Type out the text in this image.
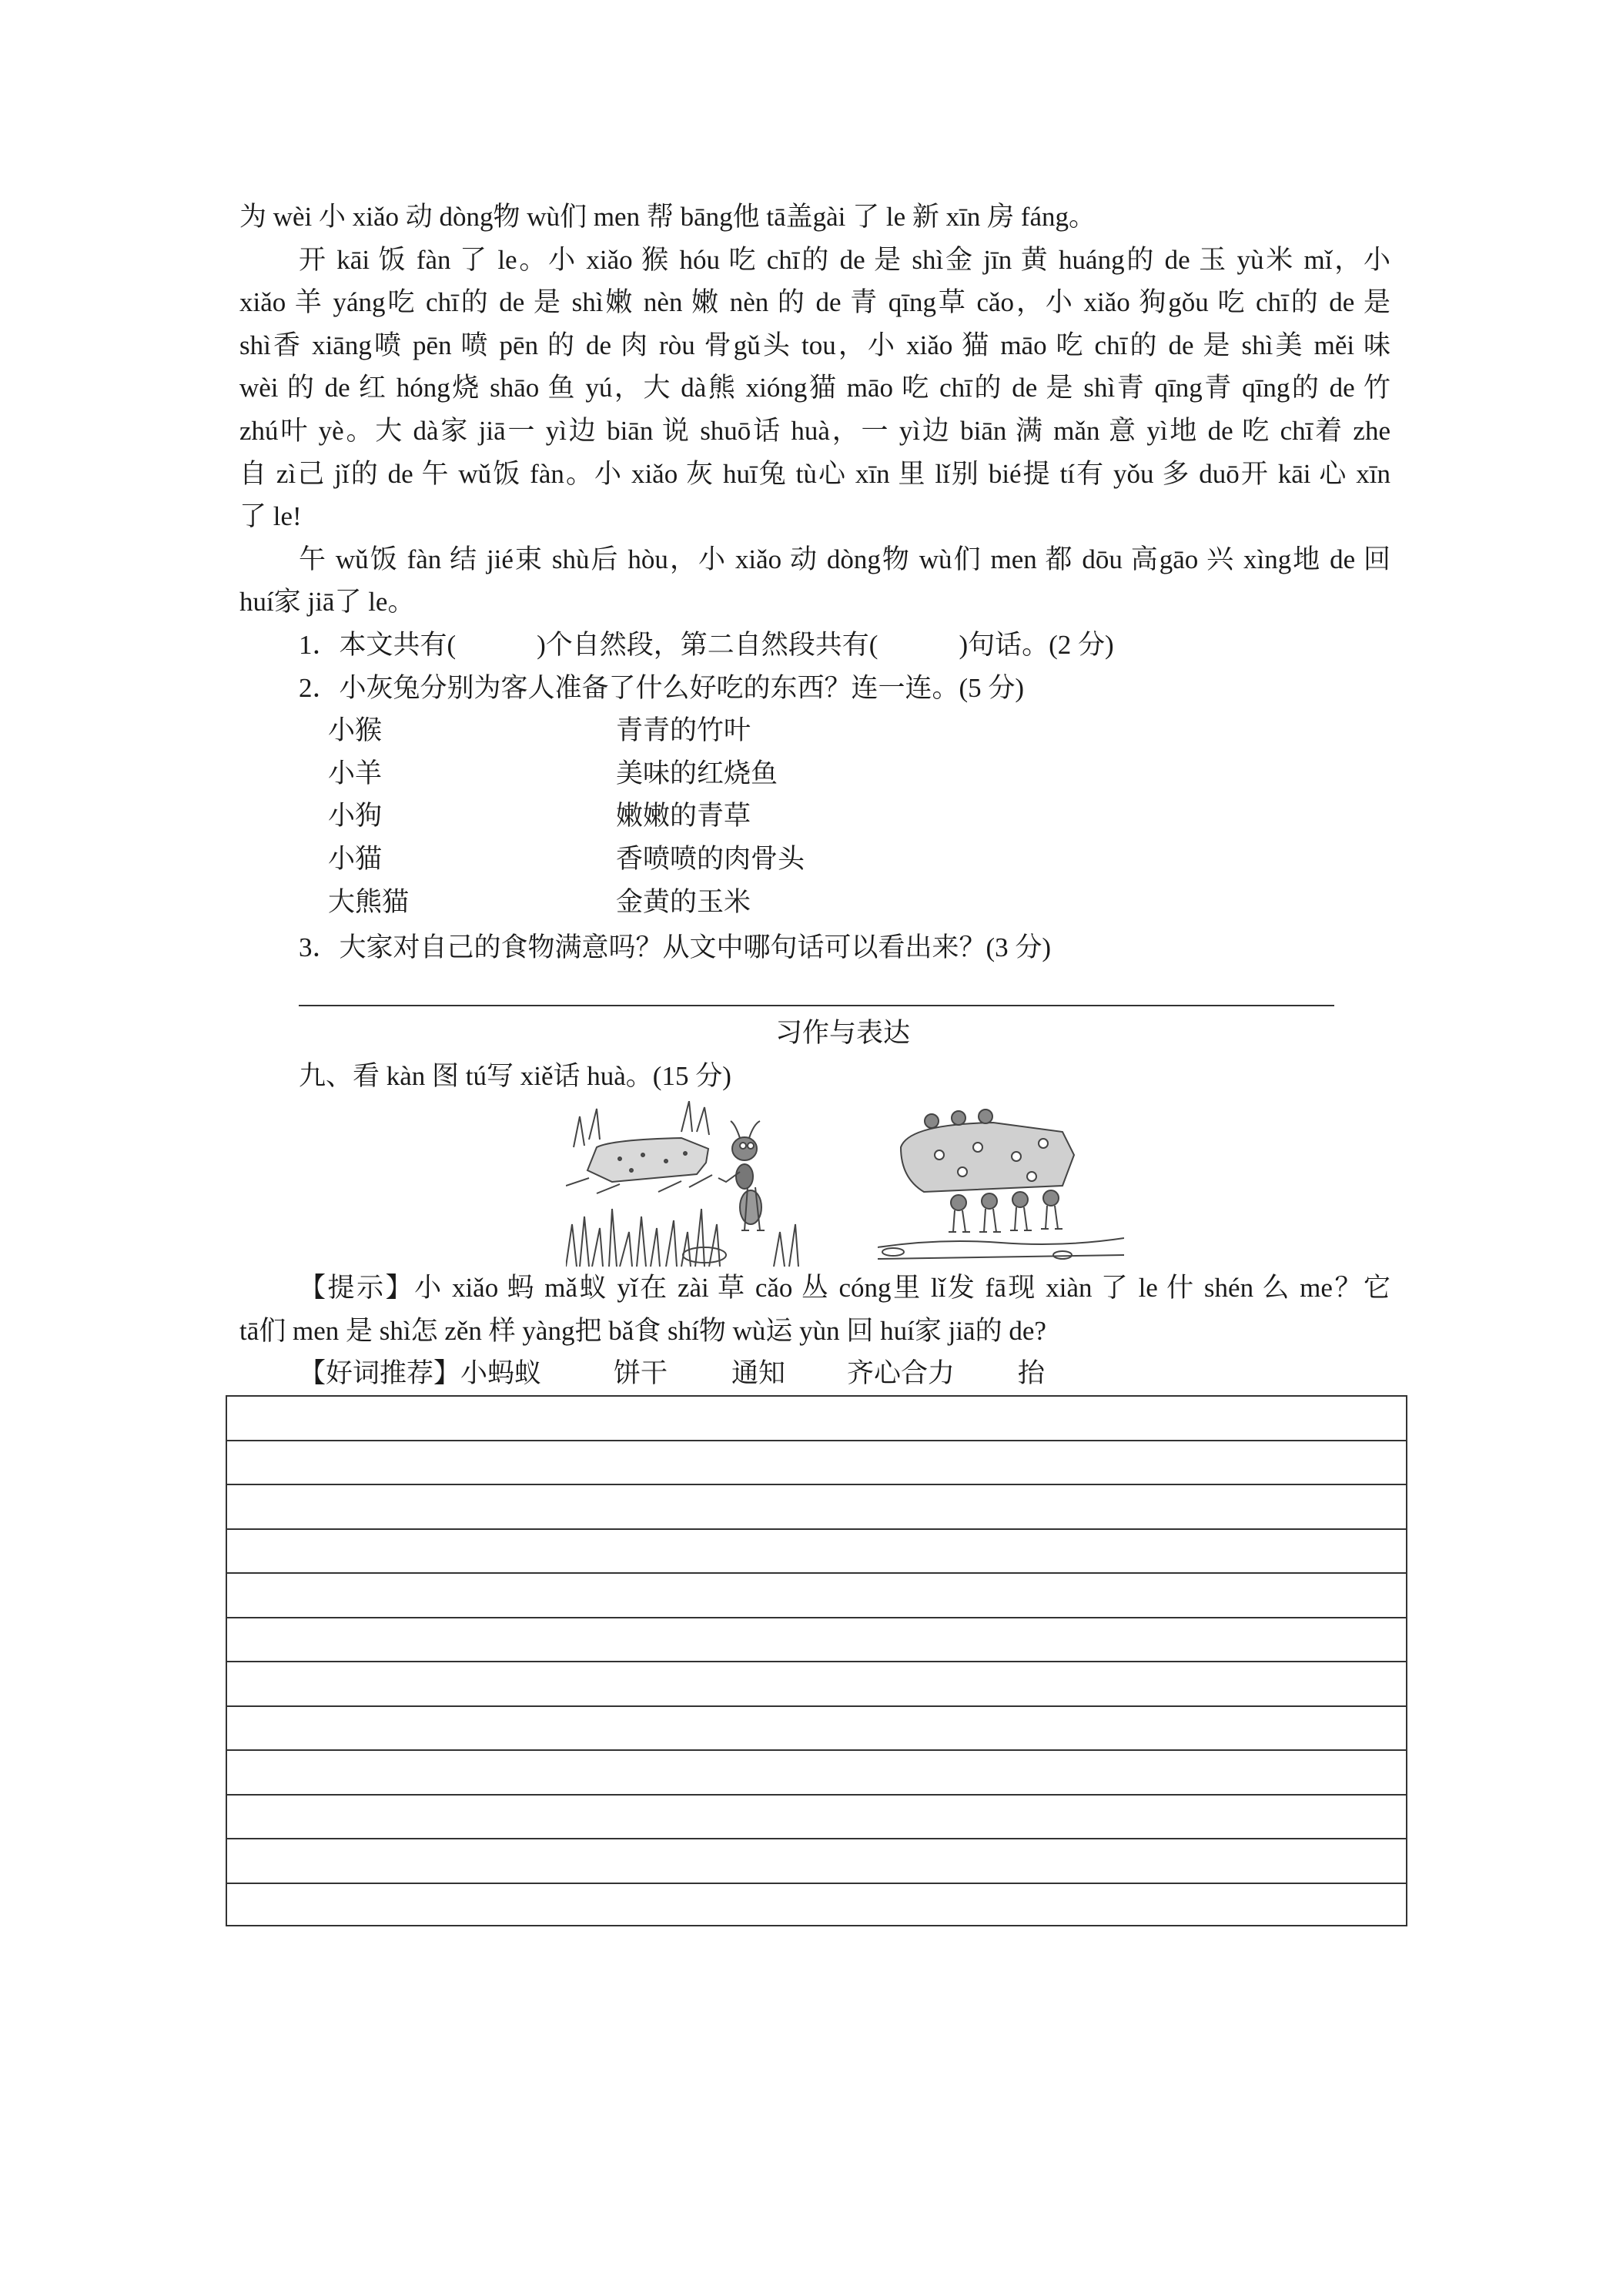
为 wèi 小 xiǎo 动 dòng物 wù们 men 帮 bāng他 tā盖gài 了 le 新 xīn 房 fáng。
开 kāi 饭 fàn 了 le。小 xiǎo 猴 hóu 吃 chī的 de 是 shì金 jīn 黄 huáng的 de 玉 yù米 mǐ，小
xiǎo 羊 yáng吃 chī的 de 是 shì嫩 nèn 嫩 nèn 的 de 青 qīng草 cǎo，小 xiǎo 狗gǒu 吃 chī的 de 是
shì香 xiāng喷 pēn 喷 pēn 的 de 肉 ròu 骨gǔ头 tou，小 xiǎo 猫 māo 吃 chī的 de 是 shì美 měi 味
wèi 的 de 红 hóng烧 shāo 鱼 yú，大 dà熊 xióng猫 māo 吃 chī的 de 是 shì青 qīng青 qīng的 de 竹
zhú叶 yè。大 dà家 jiā一 yì边 biān 说 shuō话 huà，一 yì边 biān 满 mǎn 意 yì地 de 吃 chī着 zhe
自 zì己 jǐ的 de 午 wǔ饭 fàn。小 xiǎo 灰 huī兔 tù心 xīn 里 lǐ别 bié提 tí有 yǒu 多 duō开 kāi 心 xīn
了 le!
午 wǔ饭 fàn 结 jié束 shù后 hòu，小 xiǎo 动 dòng物 wù们 men 都 dōu 高gāo 兴 xìng地 de 回
huí家 jiā了 le。
1．本文共有(　　　)个自然段，第二自然段共有(　　　)句话。(2 分)
2．小灰兔分别为客人准备了什么好吃的东西？连一连。(5 分)
小猴
小羊
小狗
小猫
大熊猫
青青的竹叶
美味的红烧鱼
嫩嫩的青草
香喷喷的肉骨头
金黄的玉米
3．大家对自己的食物满意吗？从文中哪句话可以看出来？(3 分)
习作与表达
九、看 kàn 图 tú写 xiě话 huà。(15 分)
【提示】小 xiǎo 蚂 mǎ蚁 yǐ在 zài 草 cǎo 丛 cóng里 lǐ发 fā现 xiàn 了 le 什 shén 么 me？它
tā们 men 是 shì怎 zěn 样 yàng把 bǎ食 shí物 wù运 yùn 回 huí家 jiā的 de?
【好词推荐】 小蚂蚁	饼干 通知 齐心合力 抬
